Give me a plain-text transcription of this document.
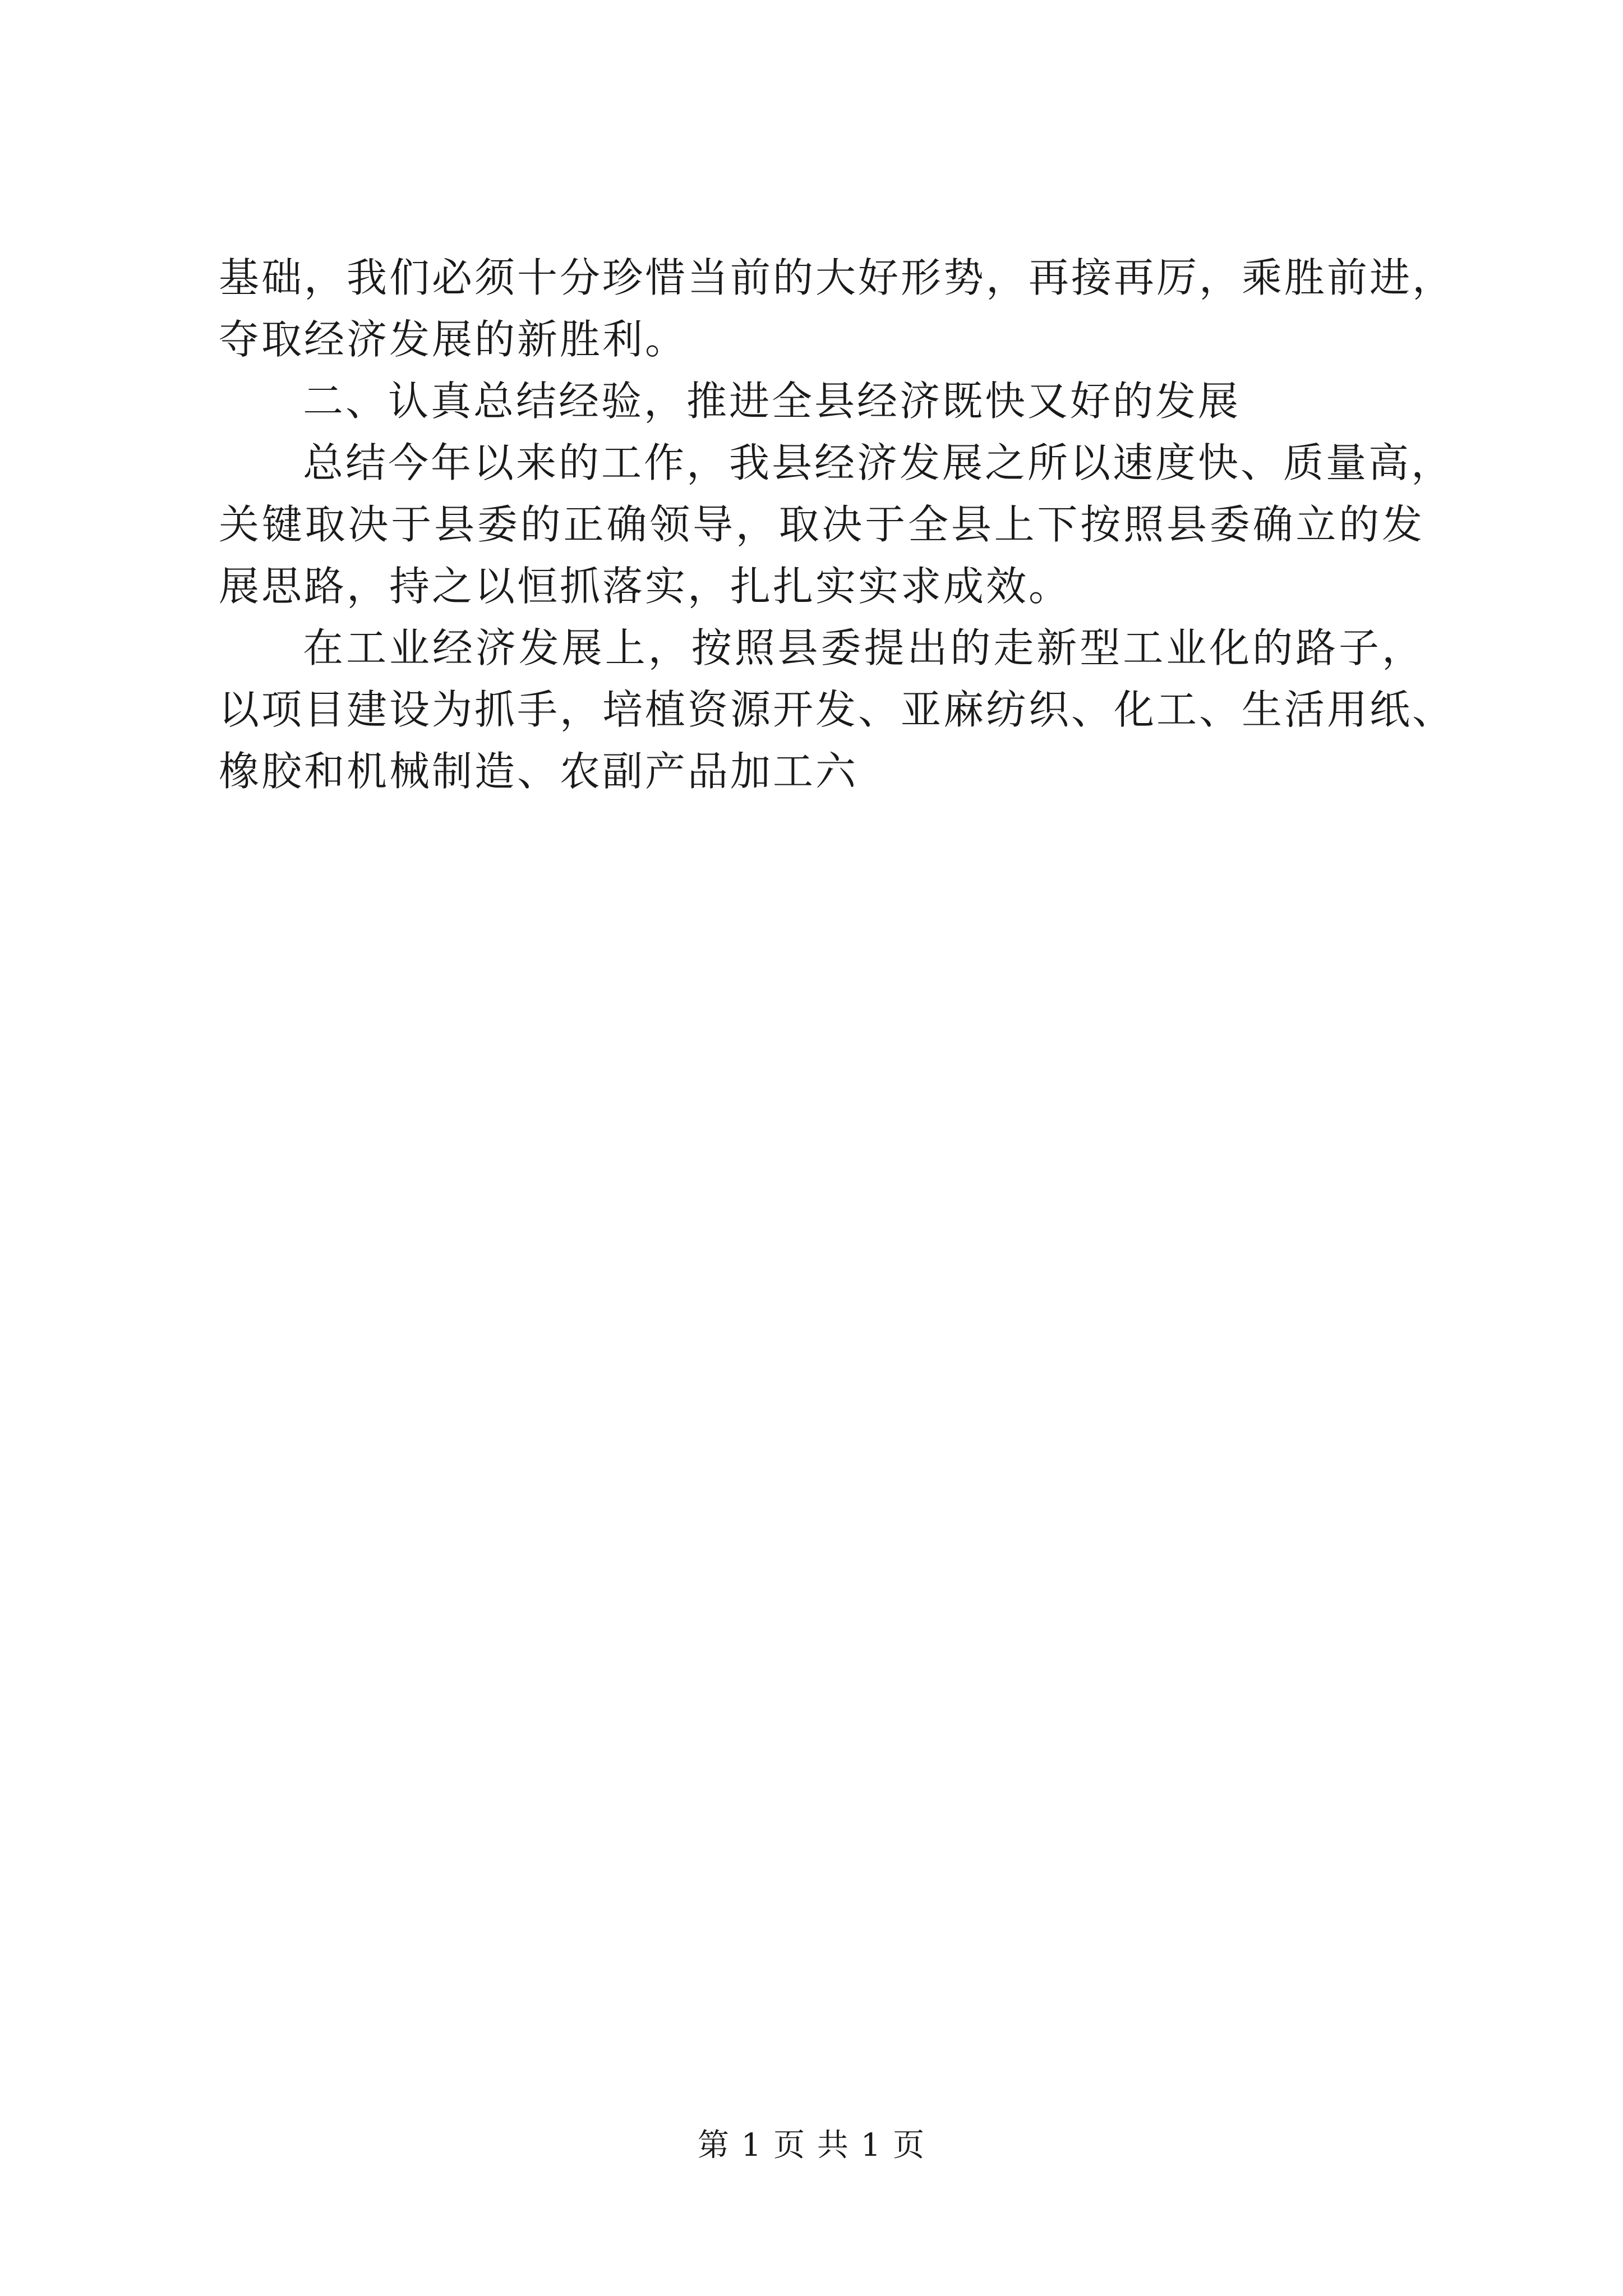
基础，我们必须十分珍惜当前的大好形势，再接再厉，乘胜前进，
夺取经济发展的新胜利。
二、认真总结经验，推进全县经济既快又好的发展
总结今年以来的工作，我县经济发展之所以速度快、质量高，
关键取决于县委的正确领导，取决于全县上下按照县委确立的发
展思路，持之以恒抓落实，扎扎实实求成效。
在工业经济发展上，按照县委提出的走新型工业化的路子，
以项目建设为抓手，培植资源开发、亚麻纺织、化工、生活用纸、
橡胶和机械制造、农副产品加工六
第 1 页 共 1 页
